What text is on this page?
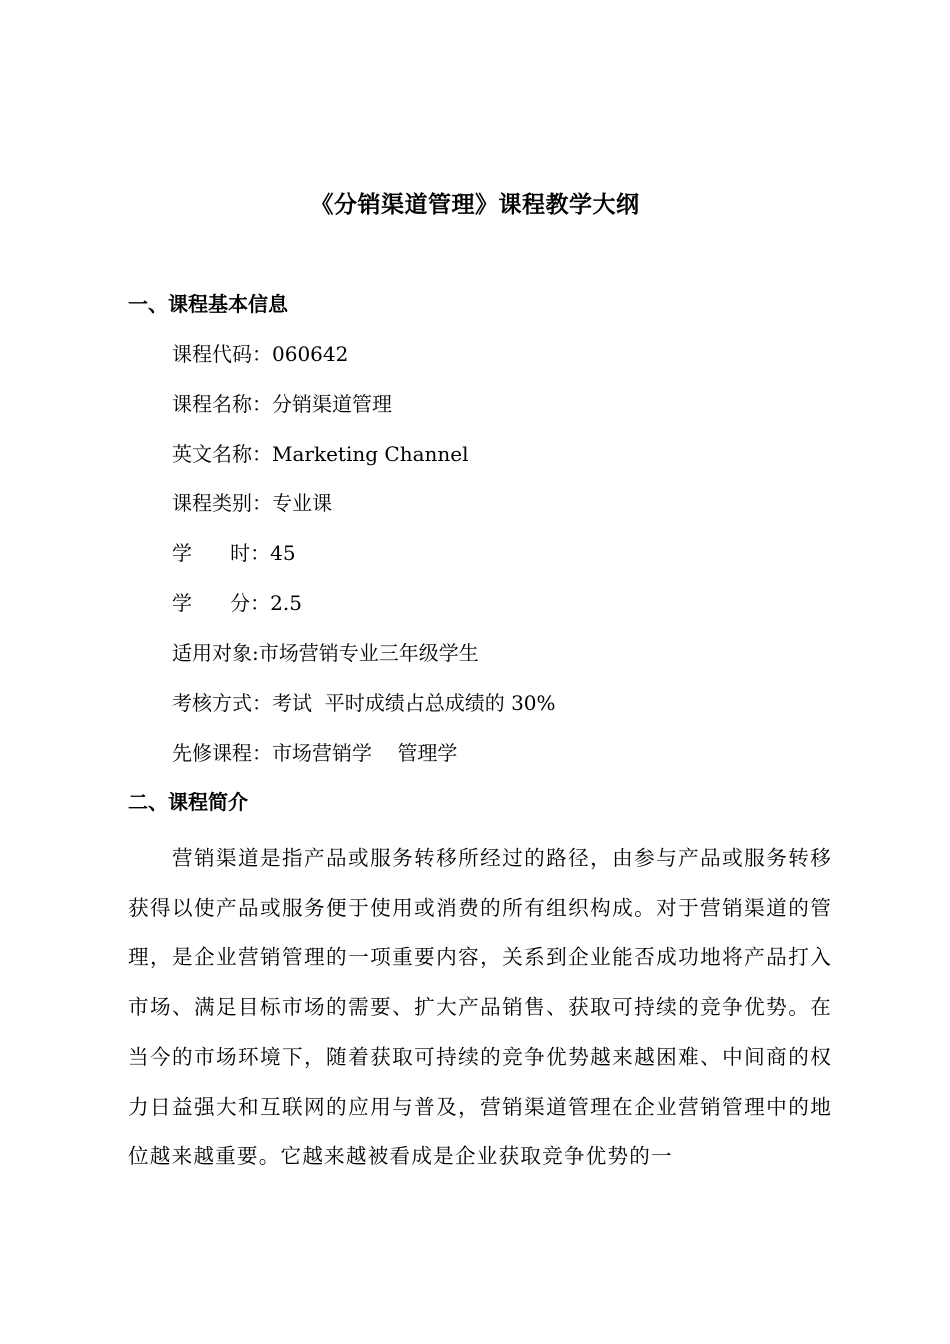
《分销渠道管理》课程教学大纲
一、课程基本信息
课程代码：060642
课程名称：分销渠道管理
英文名称：Marketing Channel
课程类别：专业课
学      时：45
学      分：2.5
适用对象:市场营销专业三年级学生
考核方式：考试  平时成绩占总成绩的 30%
先修课程：市场营销学    管理学
二、课程简介

营销渠道是指产品或服务转移所经过的路径，由参与产品或服务转移获得以使产品或服务便于使用或消费的所有组织构成。对于营销渠道的管理，是企业营销管理的一项重要内容，关系到企业能否成功地将产品打入市场、满足目标市场的需要、扩大产品销售、获取可持续的竞争优势。在当今的市场环境下，随着获取可持续的竞争优势越来越困难、中间商的权力日益强大和互联网的应用与普及，营销渠道管理在企业营销管理中的地位越来越重要。它越来越被看成是企业获取竞争优势的一
